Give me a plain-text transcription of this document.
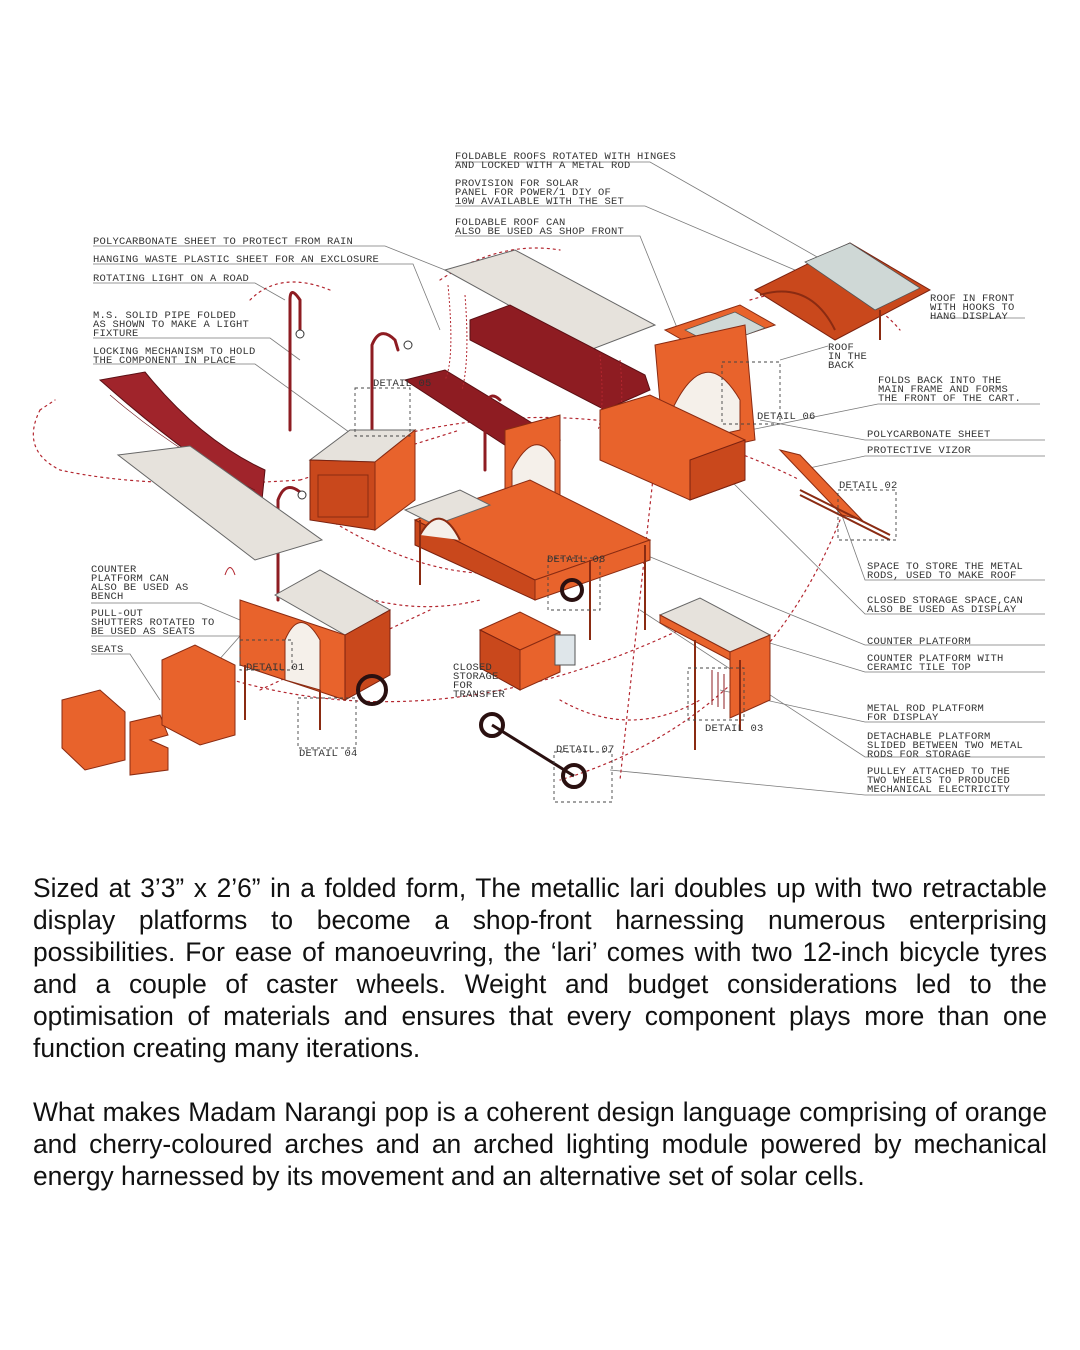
DETAIL 05
DETAIL 06
DETAIL 02
DETAIL 08
DETAIL 01
DETAIL 03
DETAIL 04	DETAIL 07
FOLDABLE ROOFS ROTATED WITH HINGES AND LOCKED WITH A METAL ROD
PROVISION FOR SOLAR PANEL FOR POWER/1 DIY OF 10W AVAILABLE WITH THE SET
FOLDABLE ROOF CAN ALSO BE USED AS SHOP FRONT
POLYCARBONATE SHEET TO PROTECT FROM RAIN
HANGING WASTE PLASTIC SHEET FOR AN EXCLOSURE
ROTATING LIGHT ON A ROAD
M.S. SOLID PIPE FOLDED AS SHOWN TO MAKE A LIGHT FIXTURE
LOCKING MECHANISM TO HOLD THE COMPONENT IN PLACE
ROOF IN FRONT WITH HOOKS TO HANG DISPLAY
ROOF IN THE BACK
FOLDS BACK INTO THE MAIN FRAME AND FORMS THE FRONT OF THE CART.
POLYCARBONATE SHEET
PROTECTIVE VIZOR
SPACE TO STORE THE METAL RODS, USED TO MAKE ROOF
CLOSED STORAGE SPACE,CAN ALSO BE USED AS DISPLAY
COUNTER PLATFORM
COUNTER PLATFORM WITH CERAMIC TILE TOP
METAL ROD PLATFORM FOR DISPLAY
DETACHABLE PLATFORM SLIDED BETWEEN TWO METAL RODS FOR STORAGE
PULLEY ATTACHED TO THE TWO WHEELS TO PRODUCED MECHANICAL ELECTRICITY
COUNTER PLATFORM CAN ALSO BE USED AS BENCH
PULL-OUT SHUTTERS ROTATED TO BE USED AS SEATS
SEATS
CLOSED STORAGE FOR TRANSFER

Sized at 3’3” x 2’6” in a folded form, The metallic lari doubles up with two retractable display platforms to become a shop-front harnessing numerous enterprising possibilities. For ease of manoeuvring, the ‘lari’ comes with two 12-inch bicycle tyres and a couple of caster wheels. Weight and budget considerations led to the optimisation of materials and ensures that every component plays more than one function creating many iterations.

What makes Madam Narangi pop is a coherent design language comprising of orange and cherry-coloured arches and an arched lighting module powered by mechanical energy harnessed by its movement and an alternative set of solar cells.
